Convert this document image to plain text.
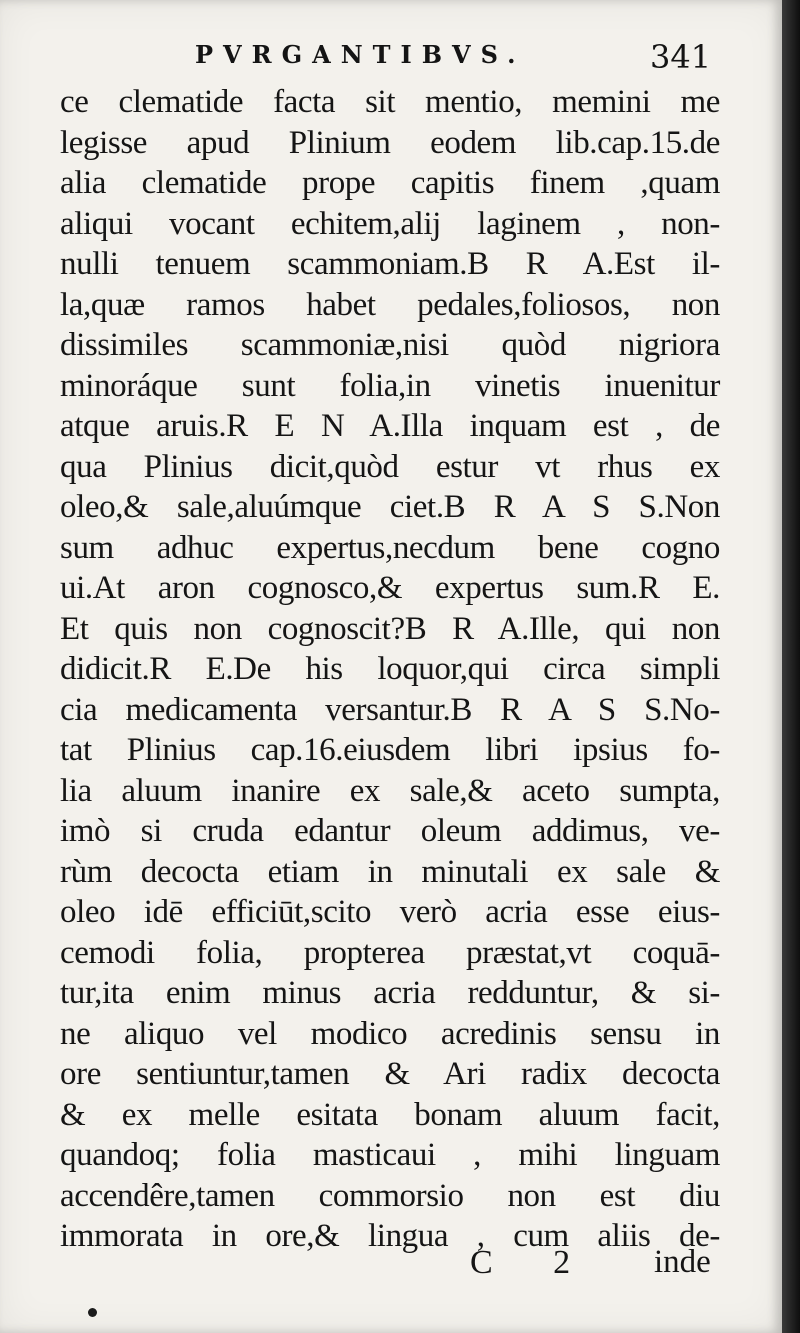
PVRGANTIBVS.	341
ce clematide facta sit mentio, memini me
legisse apud Plinium eodem lib.cap.15.de
alia clematide prope capitis finem ,quam
aliqui vocant echitem,alij laginem , non-
nulli tenuem scammoniam.B R A.Est il-
la,quæ ramos habet pedales,foliosos, non
dissimiles scammoniæ,nisi quòd nigriora
minoráque sunt folia,in vinetis inuenitur
atque aruis.R E N A.Illa inquam est , de
qua Plinius dicit,quòd estur vt rhus ex
oleo,& sale,aluúmque ciet.B R A S S.Non
sum adhuc expertus,necdum bene cogno
ui.At aron cognosco,& expertus sum.R E.
Et quis non cognoscit?B R A.Ille, qui non
didicit.R E.De his loquor,qui circa simpli
cia medicamenta versantur.B R A S S.No-
tat Plinius cap.16.eiusdem libri ipsius fo-
lia aluum inanire ex sale,& aceto sumpta,
imò si cruda edantur oleum addimus, ve-
rùm decocta etiam in minutali ex sale &
oleo idē efficiūt,scito verò acria esse eius-
cemodi folia, propterea præstat,vt coquā-
tur,ita enim minus acria redduntur, & si-
ne aliquo vel modico acredinis sensu in
ore sentiuntur,tamen & Ari radix decocta
& ex melle esitata bonam aluum facit,
quandoq; folia masticaui , mihi linguam
accendêre,tamen commorsio non est diu
immorata in ore,& lingua , cum aliis de-
C 2 inde
